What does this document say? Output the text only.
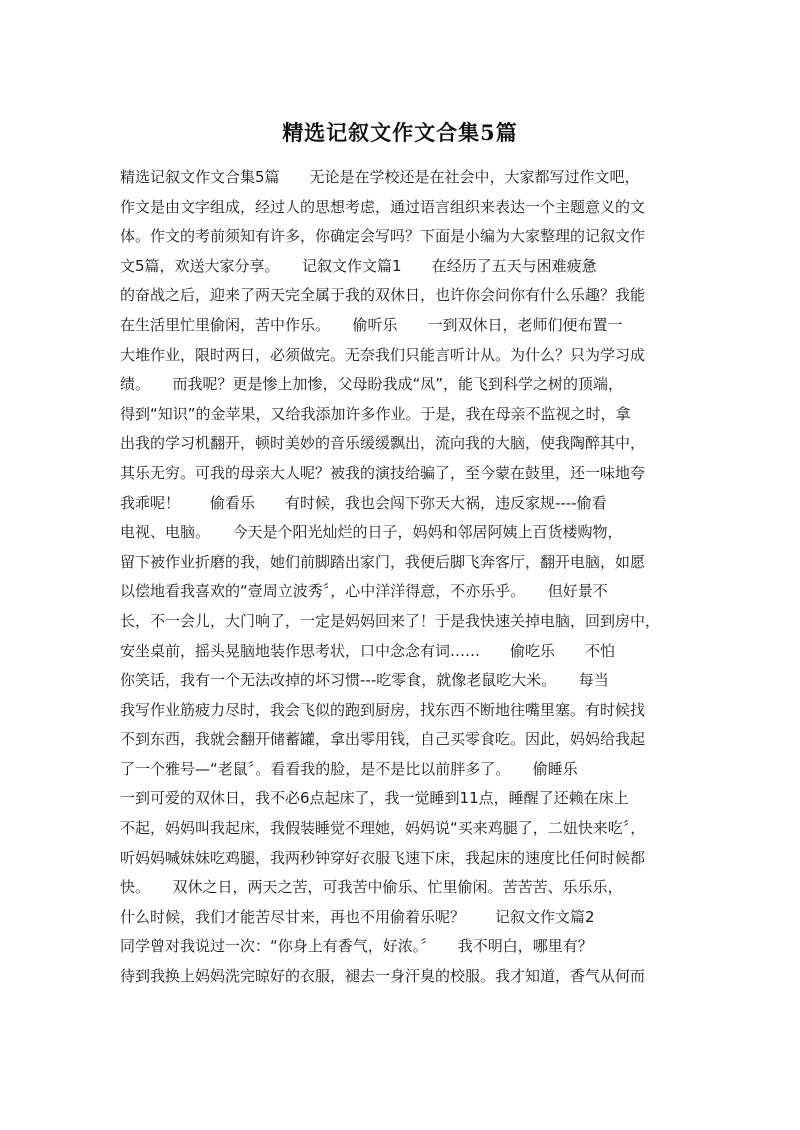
精选记叙文作文合集5篇
精选记叙文作文合集5篇　　无论是在学校还是在社会中，大家都写过作文吧，
作文是由文字组成，经过人的思想考虑，通过语言组织来表达一个主题意义的文
体。作文的考前须知有许多，你确定会写吗？下面是小编为大家整理的记叙文作
文5篇，欢送大家分享。　　记叙文作文篇1　　在经历了五天与困难疲惫
的奋战之后，迎来了两天完全属于我的双休日，也许你会问你有什么乐趣？我能
在生活里忙里偷闲，苦中作乐。　　偷听乐　　一到双休日，老师们便布置一
大堆作业，限时两日，必须做完。无奈我们只能言听计从。为什么？只为学习成
绩。　　而我呢？更是惨上加惨，父母盼我成“凤”，能飞到科学之树的顶端，
得到“知识”的金苹果，又给我添加许多作业。于是，我在母亲不监视之时，拿
出我的学习机翻开，顿时美妙的音乐缓缓飘出，流向我的大脑，使我陶醉其中，
其乐无穷。可我的母亲大人呢？被我的演技给骗了，至今蒙在鼓里，还一味地夸
我乖呢！　　偷看乐　　有时候，我也会闯下弥天大祸，违反家规----偷看
电视、电脑。　　今天是个阳光灿烂的日子，妈妈和邻居阿姨上百货楼购物，
留下被作业折磨的我，她们前脚踏出家门，我便后脚飞奔客厅，翻开电脑，如愿
以偿地看我喜欢的“壹周立波秀〞，心中洋洋得意，不亦乐乎。　　但好景不
长，不一会儿，大门响了，一定是妈妈回来了！于是我快速关掉电脑，回到房中，
安坐桌前，摇头晃脑地装作思考状，口中念念有词……　　偷吃乐　　不怕
你笑话，我有一个无法改掉的坏习惯---吃零食，就像老鼠吃大米。　　每当
我写作业筋疲力尽时，我会飞似的跑到厨房，找东西不断地往嘴里塞。有时候找
不到东西，我就会翻开储蓄罐，拿出零用钱，自己买零食吃。因此，妈妈给我起
了一个雅号—“老鼠〞。看看我的脸，是不是比以前胖多了。　　偷睡乐
一到可爱的双休日，我不必6点起床了，我一觉睡到11点，睡醒了还赖在床上
不起，妈妈叫我起床，我假装睡觉不理她，妈妈说“买来鸡腿了，二妞快来吃〞，
听妈妈喊妹妹吃鸡腿，我两秒钟穿好衣服飞速下床，我起床的速度比任何时候都
快。　　双休之日，两天之苦，可我苦中偷乐、忙里偷闲。苦苦苦、乐乐乐，
什么时候，我们才能苦尽甘来，再也不用偷着乐呢？　　记叙文作文篇2
同学曾对我说过一次：“你身上有香气，好浓。〞　　我不明白，哪里有？
待到我换上妈妈洗完晾好的衣服，褪去一身汗臭的校服。我才知道，香气从何而
